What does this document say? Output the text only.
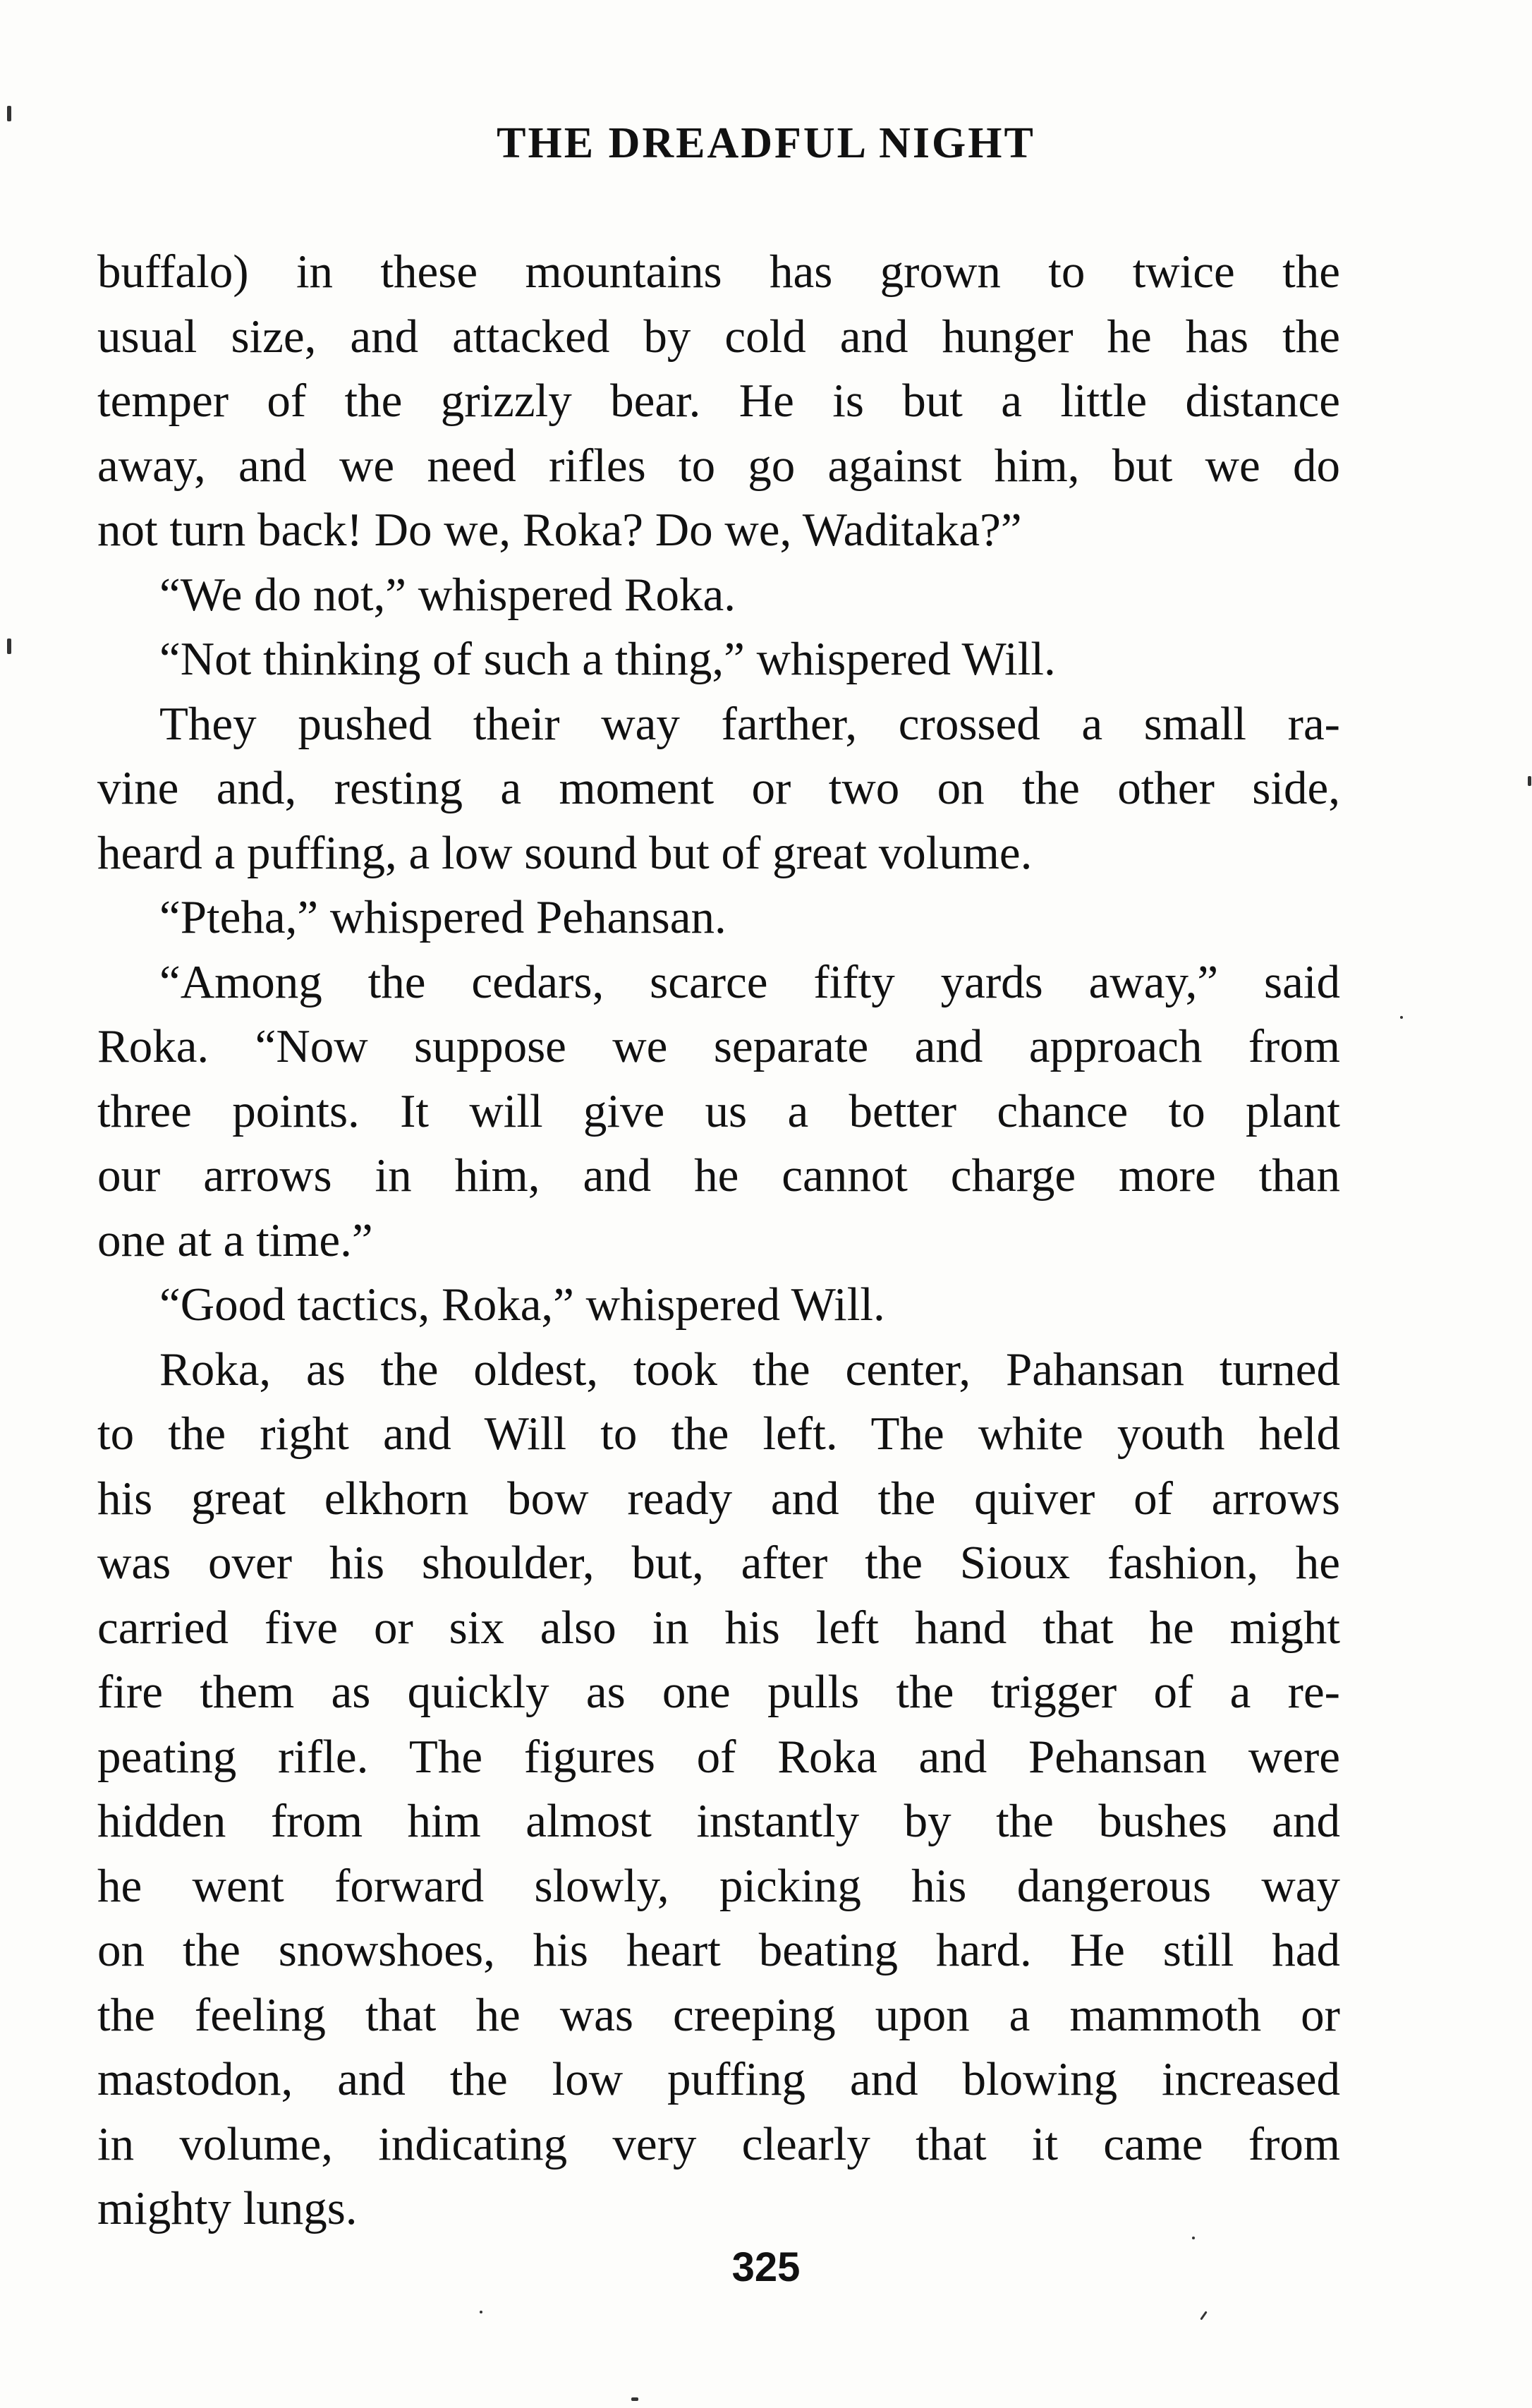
THE DREADFUL NIGHT
buffalo) in these mountains has grown to twice the
usual size, and attacked by cold and hunger he has the
temper of the grizzly bear. He is but a little distance
away, and we need rifles to go against him, but we do
not turn back! Do we, Roka? Do we, Waditaka?”
“We do not,” whispered Roka.
“Not thinking of such a thing,” whispered Will.
They pushed their way farther, crossed a small ra-
vine and, resting a moment or two on the other side,
heard a puffing, a low sound but of great volume.
“Pteha,” whispered Pehansan.
“Among the cedars, scarce fifty yards away,” said
Roka. “Now suppose we separate and approach from
three points. It will give us a better chance to plant
our arrows in him, and he cannot charge more than
one at a time.”
“Good tactics, Roka,” whispered Will.
Roka, as the oldest, took the center, Pahansan turned
to the right and Will to the left. The white youth held
his great elkhorn bow ready and the quiver of arrows
was over his shoulder, but, after the Sioux fashion, he
carried five or six also in his left hand that he might
fire them as quickly as one pulls the trigger of a re-
peating rifle. The figures of Roka and Pehansan were
hidden from him almost instantly by the bushes and
he went forward slowly, picking his dangerous way
on the snowshoes, his heart beating hard. He still had
the feeling that he was creeping upon a mammoth or
mastodon, and the low puffing and blowing increased
in volume, indicating very clearly that it came from
mighty lungs.
325
